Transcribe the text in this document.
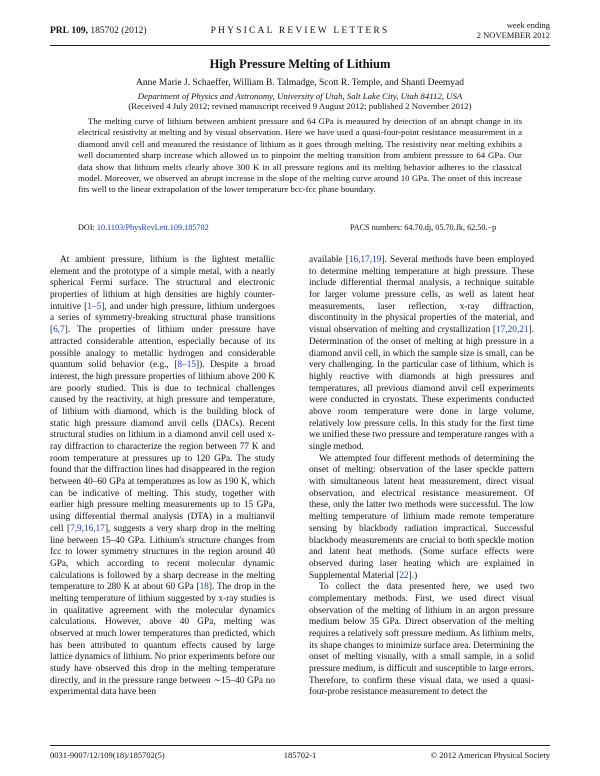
PRL 109, 185702 (2012)	PHYSICAL REVIEW LETTERS
week ending
2 NOVEMBER 2012
High Pressure Melting of Lithium
Anne Marie J. Schaeffer, William B. Talmadge, Scott R. Temple, and Shanti Deemyad
Department of Physics and Astronomy, University of Utah, Salt Lake City, Utah 84112, USA
(Received 4 July 2012; revised manuscript received 9 August 2012; published 2 November 2012)
The melting curve of lithium between ambient pressure and 64 GPa is measured by detection of an abrupt change in its electrical resistivity at melting and by visual observation. Here we have used a quasi-four-point resistance measurement in a diamond anvil cell and measured the resistance of lithium as it goes through melting. The resistivity near melting exhibits a well documented sharp increase which allowed us to pinpoint the melting transition from ambient pressure to 64 GPa. Our data show that lithium melts clearly above 300 K in all pressure regions and its melting behavior adheres to the classical model. Moreover, we observed an abrupt increase in the slope of the melting curve around 10 GPa. The onset of this increase fits well to the linear extrapolation of the lower temperature bcc-fcc phase boundary.
DOI: 10.1103/PhysRevLett.109.185702	PACS numbers: 64.70.dj, 05.70.Jk, 62.50.−p

At ambient pressure, lithium is the lightest metallic element and the prototype of a simple metal, with a nearly spherical Fermi surface. The structural and electronic properties of lithium at high densities are highly counter-intuitive [1–5], and under high pressure, lithium undergoes a series of symmetry-breaking structural phase transitions [6,7]. The properties of lithium under pressure have attracted considerable attention, especially because of its possible analogy to metallic hydrogen and considerable quantum solid behavior (e.g., [8–15]). Despite a broad interest, the high pressure properties of lithium above 200 K are poorly studied. This is due to technical challenges caused by the reactivity, at high pressure and temperature, of lithium with diamond, which is the building block of static high pressure diamond anvil cells (DACs). Recent structural studies on lithium in a diamond anvil cell used x-ray diffraction to characterize the region between 77 K and room temperature at pressures up to 120 GPa. The study found that the diffraction lines had disappeared in the region between 40–60 GPa at temperatures as low as 190 K, which can be indicative of melting. This study, together with earlier high pressure melting measurements up to 15 GPa, using differential thermal analysis (DTA) in a multianvil cell [7,9,16,17], suggests a very sharp drop in the melting line between 15–40 GPa. Lithium's structure changes from fcc to lower symmetry structures in the region around 40 GPa, which according to recent molecular dynamic calculations is followed by a sharp decrease in the melting temperature to 280 K at about 60 GPa [18]. The drop in the melting temperature of lithium suggested by x-ray studies is in qualitative agreement with the molecular dynamics calculations. However, above 40 GPa, melting was observed at much lower temperatures than predicted, which has been attributed to quantum effects caused by large lattice dynamics of lithium. No prior experiments before our study have observed this drop in the melting temperature directly, and in the pressure range between ∼15–40 GPa no experimental data have been

available [16,17,19]. Several methods have been employed to determine melting temperature at high pressure. These include differential thermal analysis, a technique suitable for larger volume pressure cells, as well as latent heat measurements, laser reflection, x-ray diffraction, discontinuity in the physical properties of the material, and visual observation of melting and crystallization [17,20,21]. Determination of the onset of melting at high pressure in a diamond anvil cell, in which the sample size is small, can be very challenging. In the particular case of lithium, which is highly reactive with diamonds at high pressures and temperatures, all previous diamond anvil cell experiments were conducted in cryostats. These experiments conducted above room temperature were done in large volume, relatively low pressure cells. In this study for the first time we unified these two pressure and temperature ranges with a single method.

We attempted four different methods of determining the onset of melting: observation of the laser speckle pattern with simultaneous latent heat measurement, direct visual observation, and electrical resistance measurement. Of these, only the latter two methods were successful. The low melting temperature of lithium made remote temperature sensing by blackbody radiation impractical. Successful blackbody measurements are crucial to both speckle motion and latent heat methods. (Some surface effects were observed during laser heating which are explained in Supplemental Material [22].)

To collect the data presented here, we used two complementary methods. First, we used direct visual observation of the melting of lithium in an argon pressure medium below 35 GPa. Direct observation of the melting requires a relatively soft pressure medium. As lithium melts, its shape changes to minimize surface area. Determining the onset of melting visually, with a small sample, in a solid pressure medium, is difficult and susceptible to large errors. Therefore, to confirm these visual data, we used a quasi-four-probe resistance measurement to detect the

0031-9007/12/109(18)/185702(5)	185702-1	© 2012 American Physical Society
